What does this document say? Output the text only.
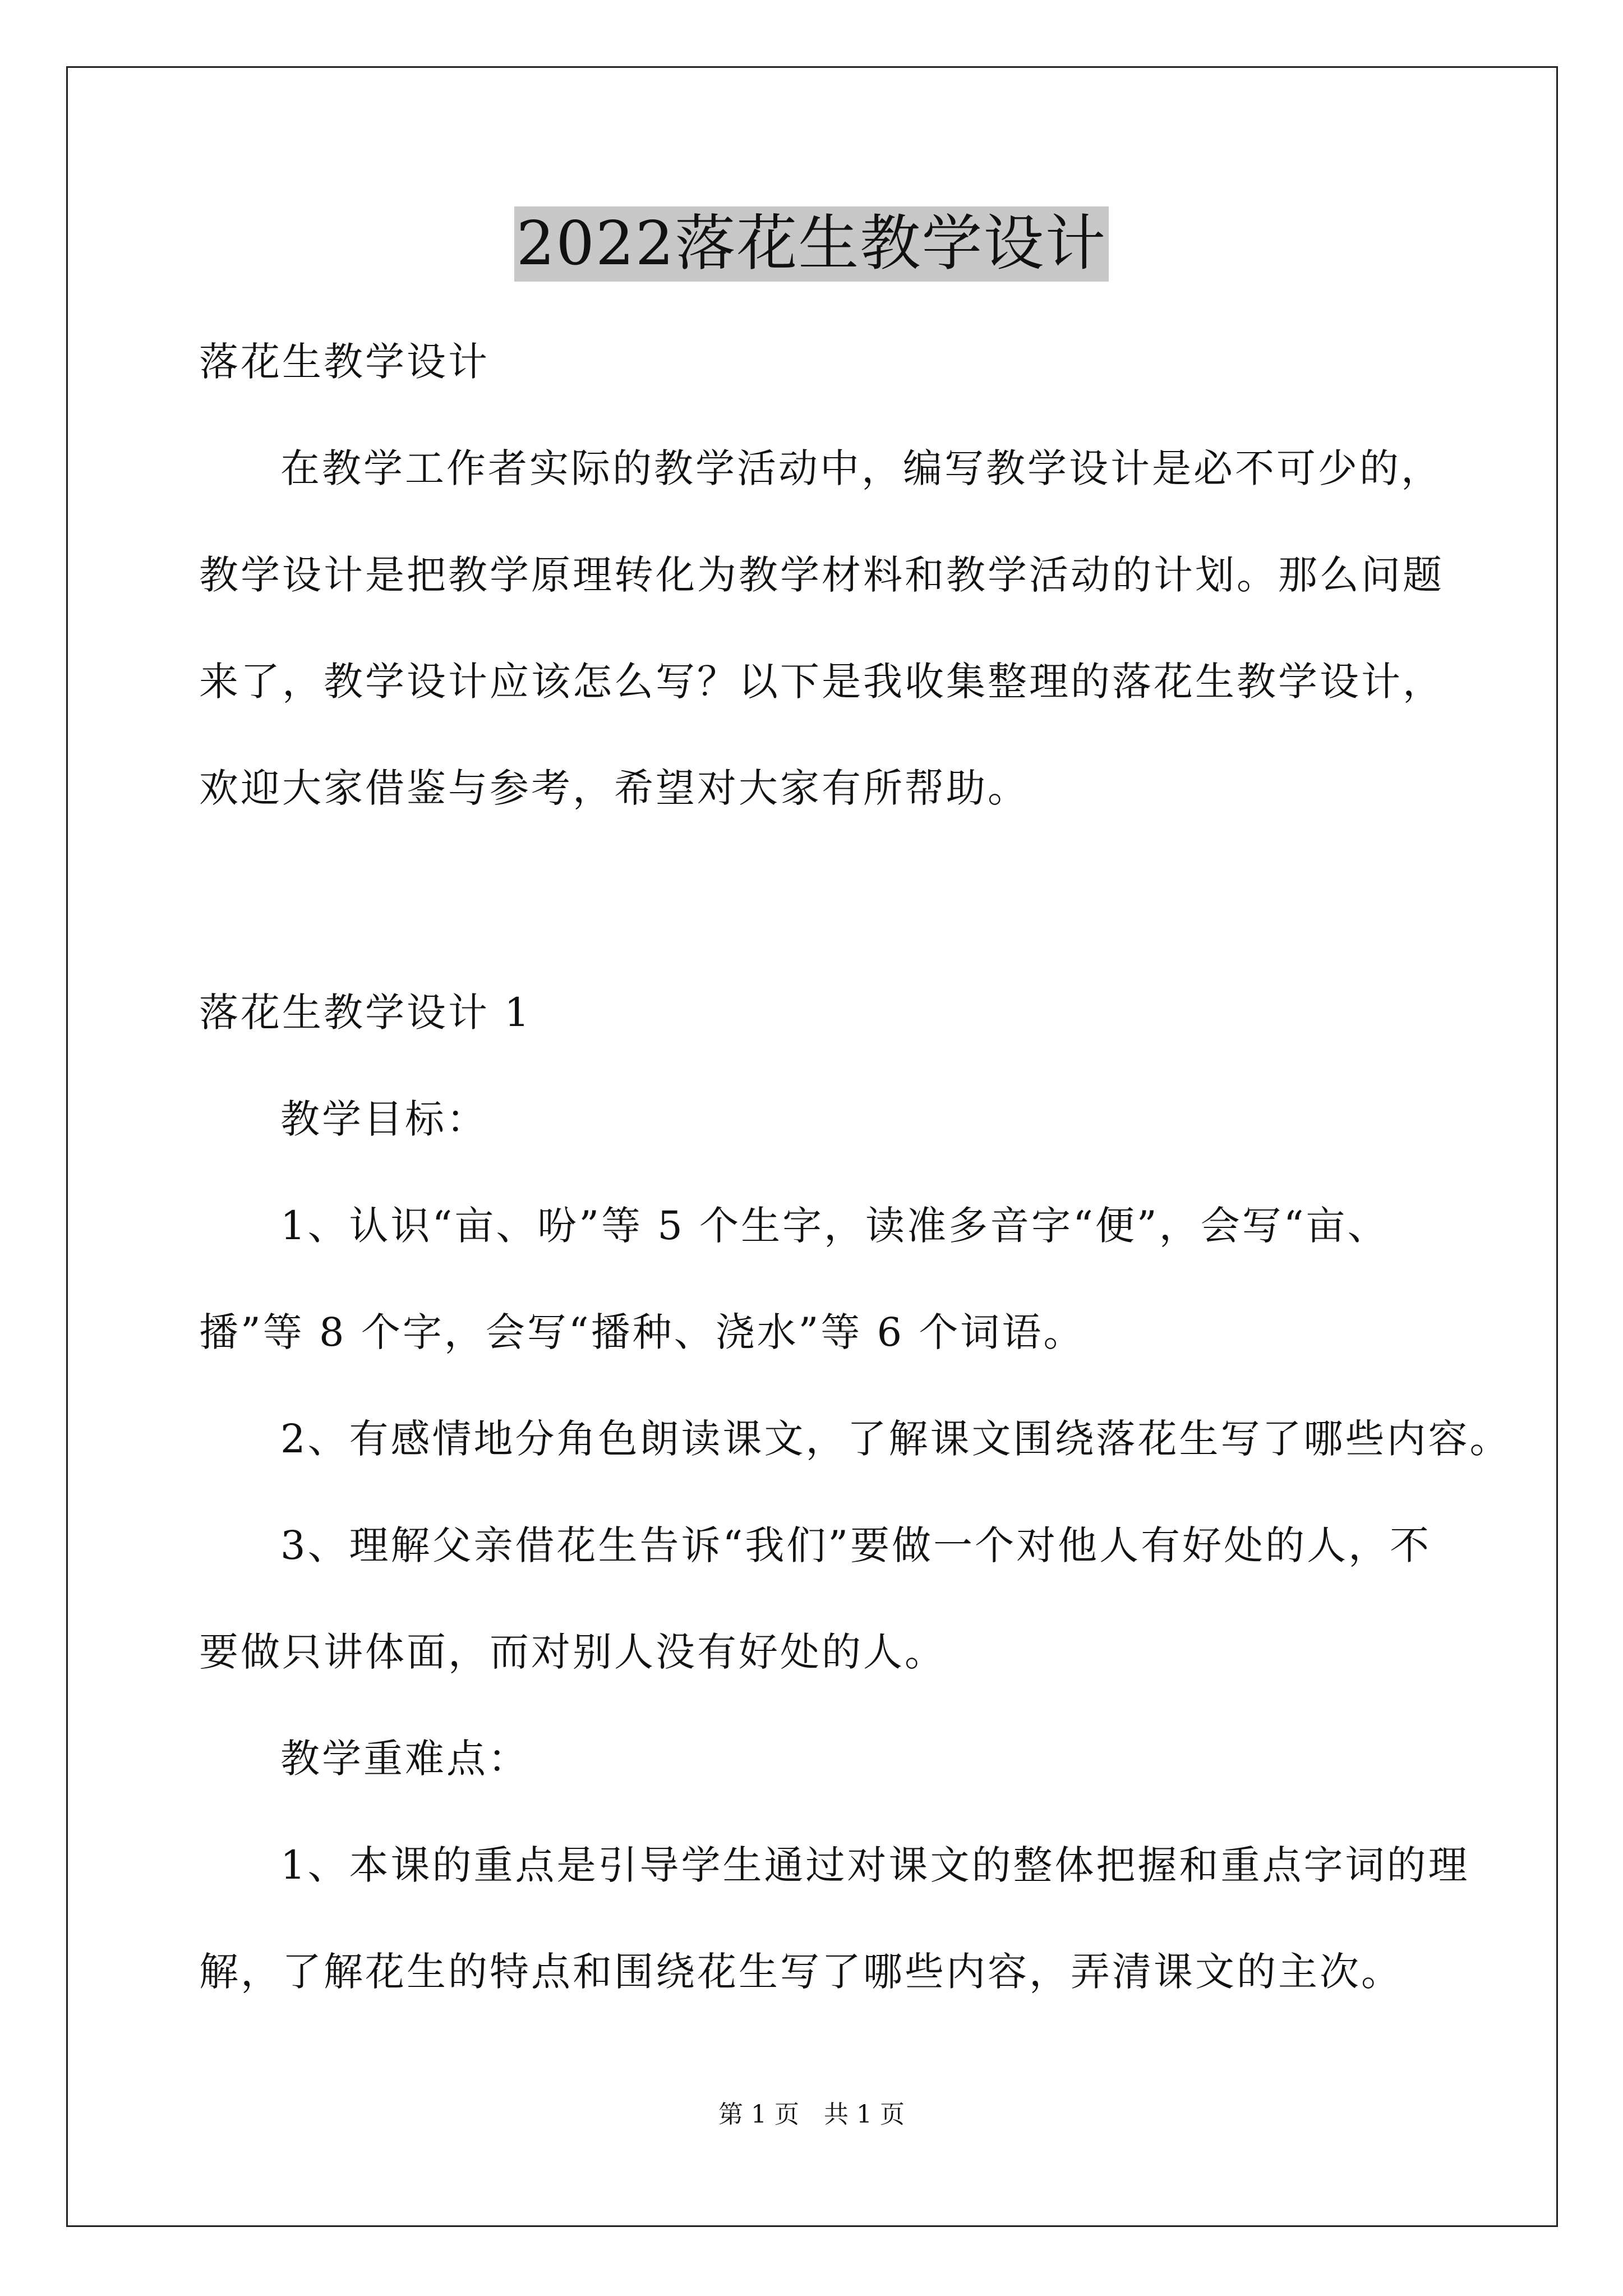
2022落花生教学设计
落花生教学设计
在教学工作者实际的教学活动中，编写教学设计是必不可少的，
教学设计是把教学原理转化为教学材料和教学活动的计划。那么问题
来了，教学设计应该怎么写？以下是我收集整理的落花生教学设计，
欢迎大家借鉴与参考，希望对大家有所帮助。
落花生教学设计 1
教学目标：
1、认识“亩、吩”等 5 个生字，读准多音字“便”，会写“亩、
播”等 8 个字，会写“播种、浇水”等 6 个词语。
2、有感情地分角色朗读课文，了解课文围绕落花生写了哪些内容。
3、理解父亲借花生告诉“我们”要做一个对他人有好处的人，不
要做只讲体面，而对别人没有好处的人。
教学重难点：
1、本课的重点是引导学生通过对课文的整体把握和重点字词的理
解，了解花生的特点和围绕花生写了哪些内容，弄清课文的主次。
第 1 页　共 1 页
